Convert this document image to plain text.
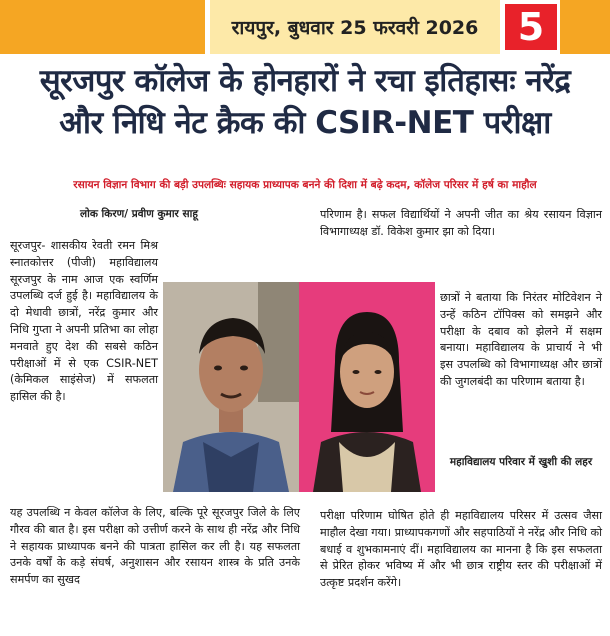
रायपुर, बुधवार 25 फरवरी 2026	5
सूरजपुर कॉलेज के होनहारों ने रचा इतिहासः नरेंद्र
और निधि नेट क्रैक की CSIR-NET परीक्षा
रसायन विज्ञान विभाग की बड़ी उपलब्धिः सहायक प्राध्यापक बनने की दिशा में बढ़े कदम, कॉलेज परिसर में हर्ष का माहौल
लोक किरण/ प्रवीण कुमार साहू
सूरजपुर- शासकीय रेवती रमन मिश्र स्नातकोत्तर (पीजी) महाविद्यालय सूरजपुर के नाम आज एक स्वर्णिम उपलब्धि दर्ज हुई है। महाविद्यालय के दो मेधावी छात्रों, नरेंद्र कुमार और निधि गुप्ता ने अपनी प्रतिभा का लोहा मनवाते हुए देश की सबसे कठिन परीक्षाओं में से एक CSIR-NET (केमिकल साइंसेज) में सफलता हासिल की है।
परिणाम है। सफल विद्यार्थियों ने अपनी जीत का श्रेय रसायन विज्ञान विभागाध्यक्ष डॉ. विकेश कुमार झा को दिया।
छात्रों ने बताया कि निरंतर मोटिवेशन ने उन्हें कठिन टॉपिक्स को समझने और परीक्षा के दबाव को झेलने में सक्षम बनाया। महाविद्यालय के प्राचार्य ने भी इस उपलब्धि को विभागाध्यक्ष और छात्रों की जुगलबंदी का परिणाम बताया है।
महाविद्यालय परिवार में खुशी की लहर
यह उपलब्धि न केवल कॉलेज के लिए, बल्कि पूरे सूरजपुर जिले के लिए गौरव की बात है। इस परीक्षा को उत्तीर्ण करने के साथ ही नरेंद्र और निधि ने सहायक प्राध्यापक बनने की पात्रता हासिल कर ली है। यह सफलता उनके वर्षों के कड़े संघर्ष, अनुशासन और रसायन शास्त्र के प्रति उनके समर्पण का सुखद
परीक्षा परिणाम घोषित होते ही महाविद्यालय परिसर में उत्सव जैसा माहौल देखा गया। प्राध्यापकगणों और सहपाठियों ने नरेंद्र और निधि को बधाई व शुभकामनाएं दीं। महाविद्यालय का मानना है कि इस सफलता से प्रेरित होकर भविष्य में और भी छात्र राष्ट्रीय स्तर की परीक्षाओं में उत्कृष्ट प्रदर्शन करेंगे।
